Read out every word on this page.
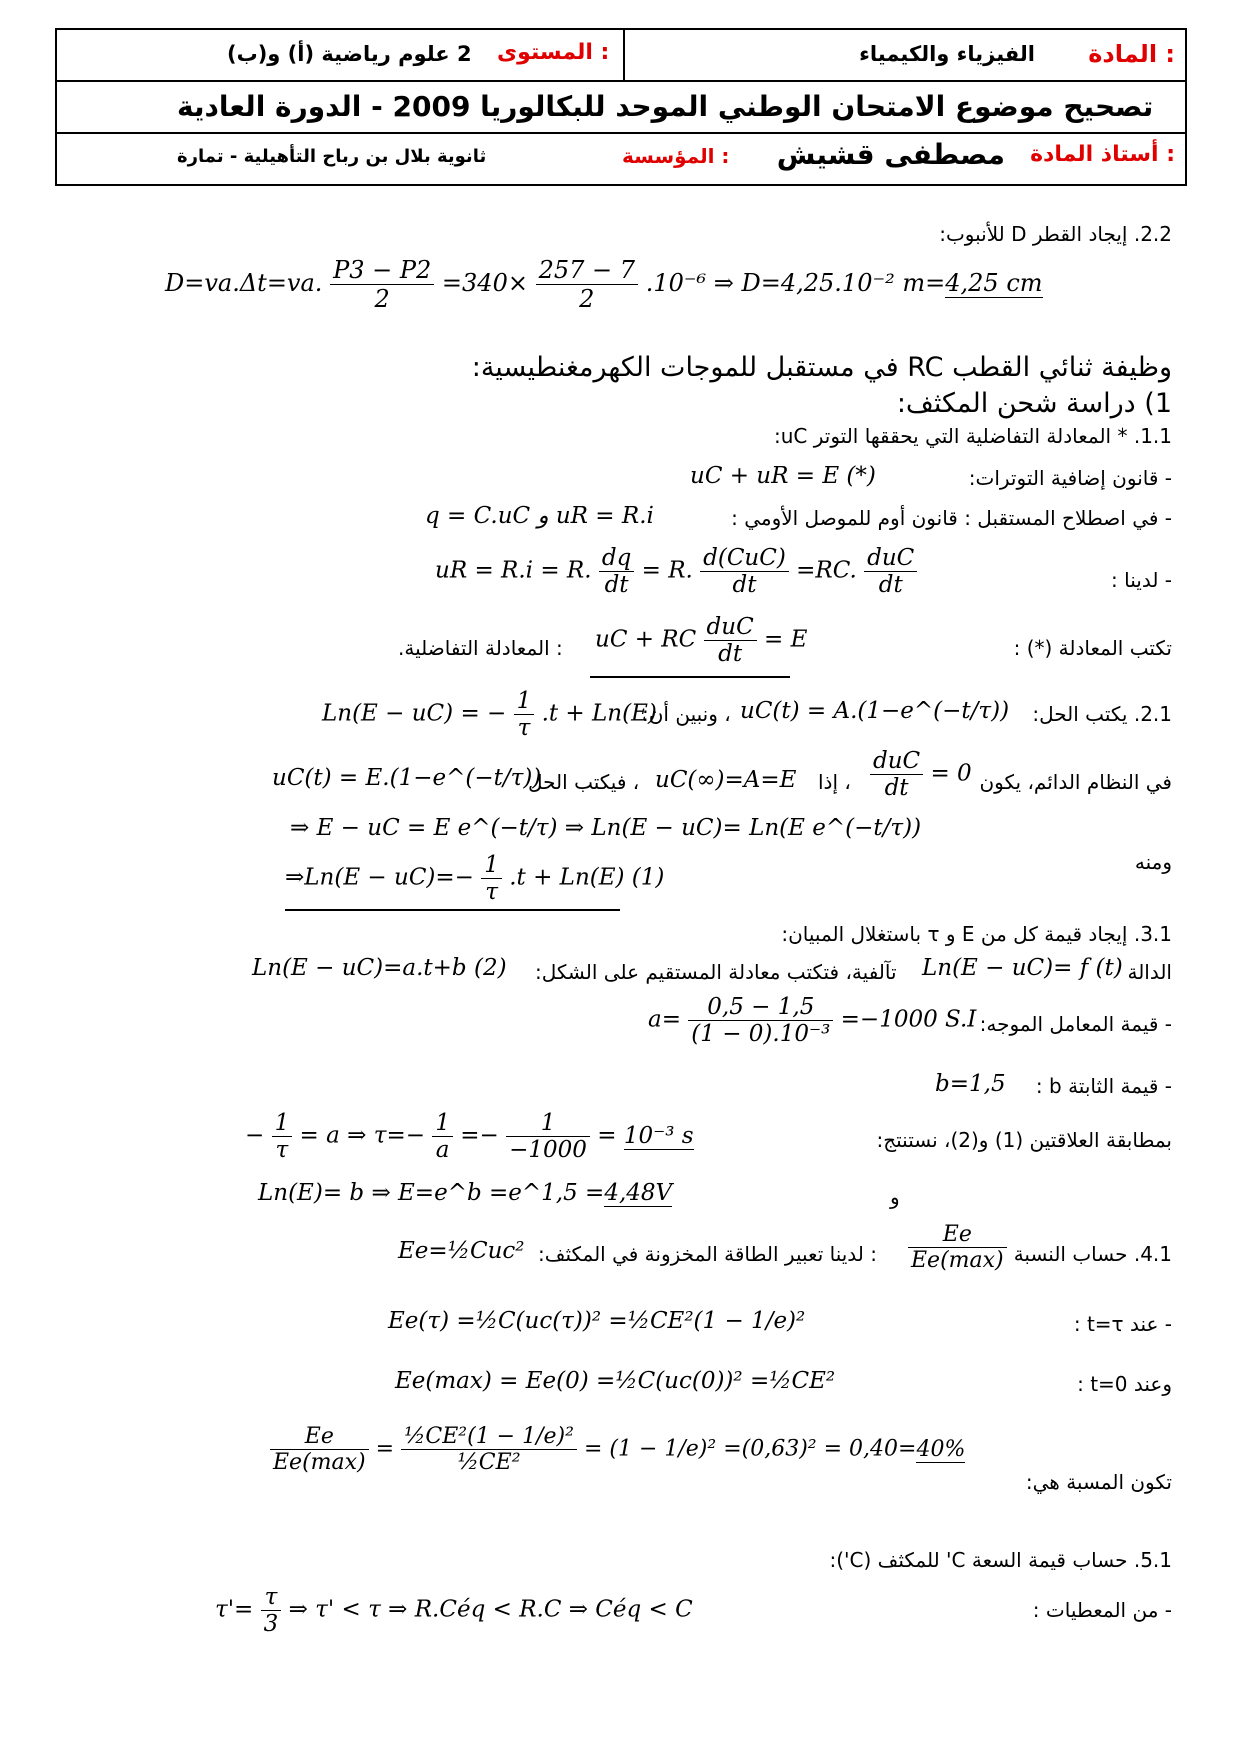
المادة :
الفيزياء والكيمياء
المستوى :
2 علوم رياضية (أ) و(ب)
تصحيح موضوع الامتحان الوطني الموحد للبكالوريا 2009 - الدورة العادية
أستاذ المادة :
مصطفى قشيش
المؤسسة :
ثانوية بلال بن رباح التأهيلية - تمارة
2.2. إيجاد القطر D للأنبوب:
D=va.Δt=va. $\frac{P3 - P2}{2} =340\times \frac{257 - 7}{2} .10^{-6}$ ⇒ D=4,25.10⁻² m=4,25 cm
وظيفة ثنائي القطب RC في مستقبل للموجات الكهرمغنطيسية:
1) دراسة شحن المكثف:
1.1. * المعادلة التفاضلية التي يحققها التوتر uC:
- قانون إضافية التوترات:
uC + uR = E (*)
- في اصطلاح المستقبل : قانون أوم للموصل الأومي :
q = C.uC و uR = R.i
- لدينا :
uR = R.i = R. $\frac{dq}{dt} = R$. $\frac{\text{d(CuC)}}{dt} =RC$. $\frac{\text{duC}}{dt}$
تكتب المعادلة (*) :
: المعادلة التفاضلية. uC + RC $\frac{\text{duC}}{dt} = E$
2.1. يكتب الحل:
uC(t) = A.(1−e^(−t/τ))
، ونبين أن:
Ln(E − uC) = − $\frac{1}{\tau} .t + Ln(E)$
في النظام الدائم، يكون
$\frac{\text{duC}}{dt} = 0$
، إذا
uC(∞)=A=E
، فيكتب الحل
uC(t) = E.(1−e^(−t/τ))
⇒ E − uC = E e^(−t/τ) ⇒ Ln(E − uC)= Ln(E e^(−t/τ))
ومنه
⇒Ln(E − $uC)=- \frac{1}{\tau} .t + Ln(E)$ (1)
3.1. إيجاد قيمة كل من E و τ باستغلال المبيان:
الدالة
Ln(E − uC)= f (t)
تآلفية، فتكتب معادلة المستقيم على الشكل:
Ln(E − uC)=a.t+b (2)
- قيمة المعامل الموجه:
$a= \frac{0,5 - 1,5}{\text{(1 − 0).10⁻³}} =-1000$ S.I
- قيمة الثابتة b :
b=1,5
بمطابقة العلاقتين (1) و(2)، نستنتج:
− $\frac{1}{\tau} = a$ ⇒ $\tau=- \frac{1}{a} =- \frac{1}{-1000} = 10^{-3}$ s
و
Ln(E)= b ⇒ E=e^b =e^1,5 =4,48V
4.1. حساب النسبة
$\frac{Ee}{Ee(\max)}$
: لدينا تعبير الطاقة المخزونة في المكثف:
Ee=½Cuc²
- عند t=τ :
Ee(τ) =½C(uc(τ))² =½CE²(1 − 1/e)²
وعند t=0 :
Ee(max) = Ee(0) =½C(uc(0))² =½CE²
تكون المسبة هي:
$\frac{Ee}{Ee(\max)} = \frac{\text{½CE²(1 − 1/e)²}}{\text{½CE²}} = (1 - 1/e)^2 =(0,63)^2 = 0,40=40\%$
5.1. حساب قيمة السعة C' للمكثف (C'):
- من المعطيات :
$\tau'= \frac{\tau}{3}$ ⇒ τ' < τ ⇒ R.Céq < R.C ⇒ Céq < C
